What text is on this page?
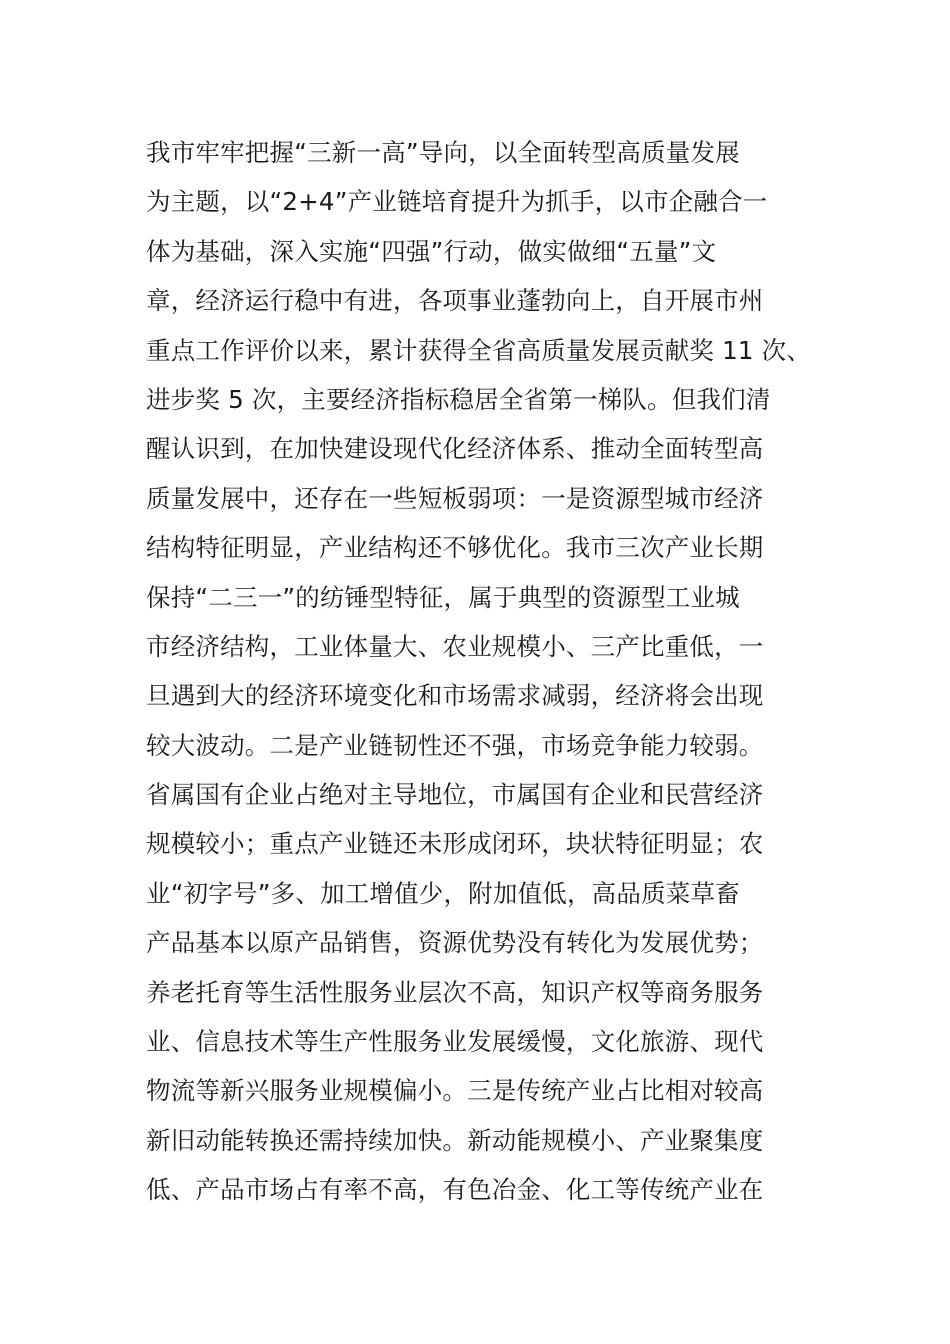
我市牢牢把握“三新一高”导向，以全面转型高质量发展
为主题，以“2+4”产业链培育提升为抓手，以市企融合一
体为基础，深入实施“四强”行动，做实做细“五量”文
章，经济运行稳中有进，各项事业蓬勃向上，自开展市州
重点工作评价以来，累计获得全省高质量发展贡献奖 11 次、
进步奖 5 次，主要经济指标稳居全省第一梯队。但我们清
醒认识到，在加快建设现代化经济体系、推动全面转型高
质量发展中，还存在一些短板弱项：一是资源型城市经济
结构特征明显，产业结构还不够优化。我市三次产业长期
保持“二三一”的纺锤型特征，属于典型的资源型工业城
市经济结构，工业体量大、农业规模小、三产比重低，一
旦遇到大的经济环境变化和市场需求减弱，经济将会出现
较大波动。二是产业链韧性还不强，市场竞争能力较弱。
省属国有企业占绝对主导地位，市属国有企业和民营经济
规模较小；重点产业链还未形成闭环，块状特征明显；农
业“初字号”多、加工增值少，附加值低，高品质菜草畜
产品基本以原产品销售，资源优势没有转化为发展优势；
养老托育等生活性服务业层次不高，知识产权等商务服务
业、信息技术等生产性服务业发展缓慢，文化旅游、现代
物流等新兴服务业规模偏小。三是传统产业占比相对较高
新旧动能转换还需持续加快。新动能规模小、产业聚集度
低、产品市场占有率不高，有色冶金、化工等传统产业在
